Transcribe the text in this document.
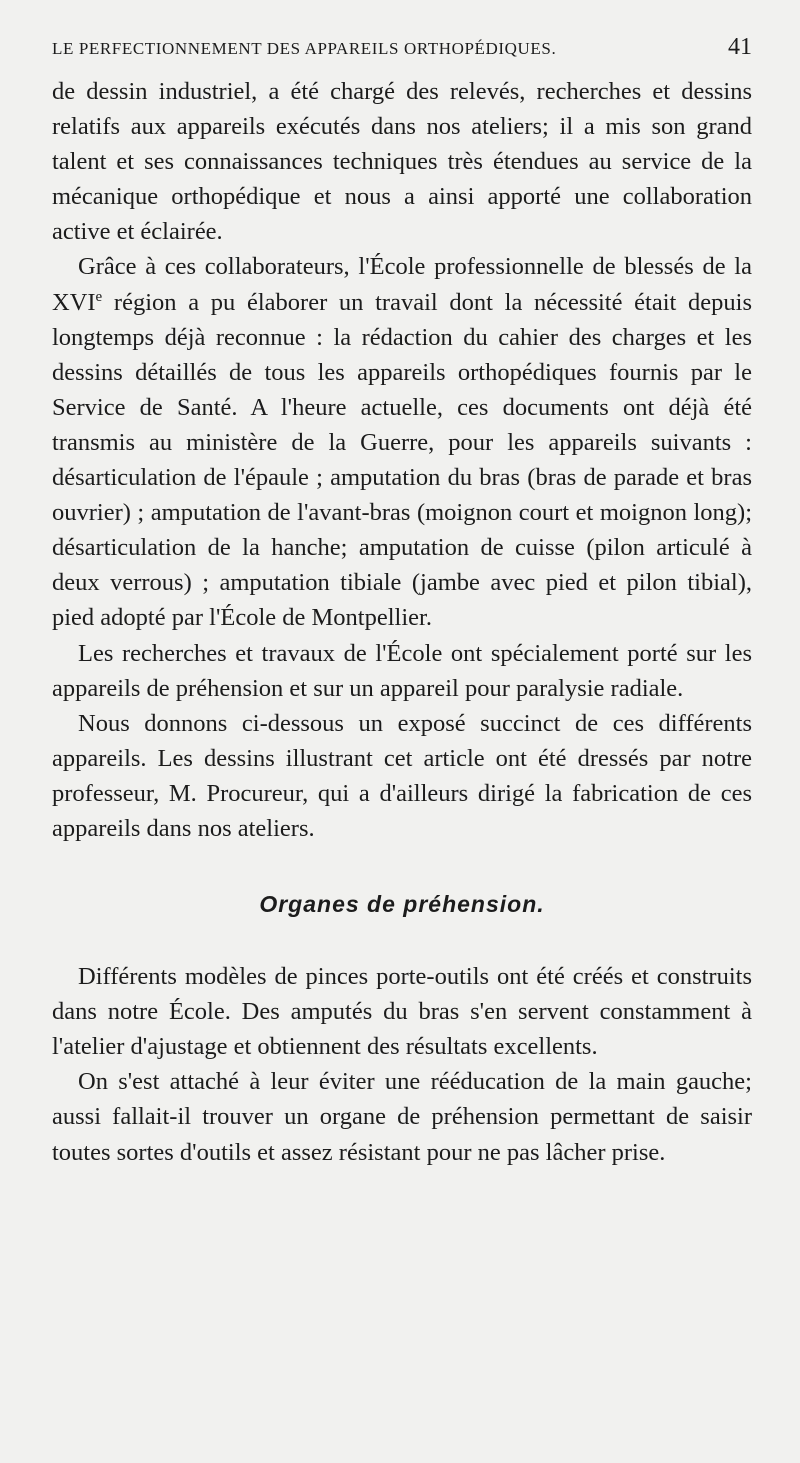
LE PERFECTIONNEMENT DES APPAREILS ORTHOPÉDIQUES.	41

de dessin industriel, a été chargé des relevés, recherches et dessins relatifs aux appareils exécutés dans nos ateliers; il a mis son grand talent et ses connaissances techniques très étendues au service de la mécanique orthopédique et nous a ainsi apporté une collaboration active et éclairée.

Grâce à ces collaborateurs, l'École professionnelle de blessés de la XVIe région a pu élaborer un travail dont la nécessité était depuis longtemps déjà reconnue : la rédaction du cahier des charges et les dessins détaillés de tous les appareils orthopédiques fournis par le Service de Santé. A l'heure actuelle, ces documents ont déjà été transmis au ministère de la Guerre, pour les appareils suivants : désarticulation de l'épaule ; amputation du bras (bras de parade et bras ouvrier) ; amputation de l'avant-bras (moignon court et moignon long); désarticulation de la hanche; amputation de cuisse (pilon articulé à deux verrous) ; amputation tibiale (jambe avec pied et pilon tibial), pied adopté par l'École de Montpellier.

Les recherches et travaux de l'École ont spécialement porté sur les appareils de préhension et sur un appareil pour paralysie radiale.

Nous donnons ci-dessous un exposé succinct de ces différents appareils. Les dessins illustrant cet article ont été dressés par notre professeur, M. Procureur, qui a d'ailleurs dirigé la fabrication de ces appareils dans nos ateliers.

Organes de préhension.

Différents modèles de pinces porte-outils ont été créés et construits dans notre École. Des amputés du bras s'en servent constamment à l'atelier d'ajustage et obtiennent des résultats excellents.

On s'est attaché à leur éviter une rééducation de la main gauche; aussi fallait-il trouver un organe de préhension permettant de saisir toutes sortes d'outils et assez résistant pour ne pas lâcher prise.
